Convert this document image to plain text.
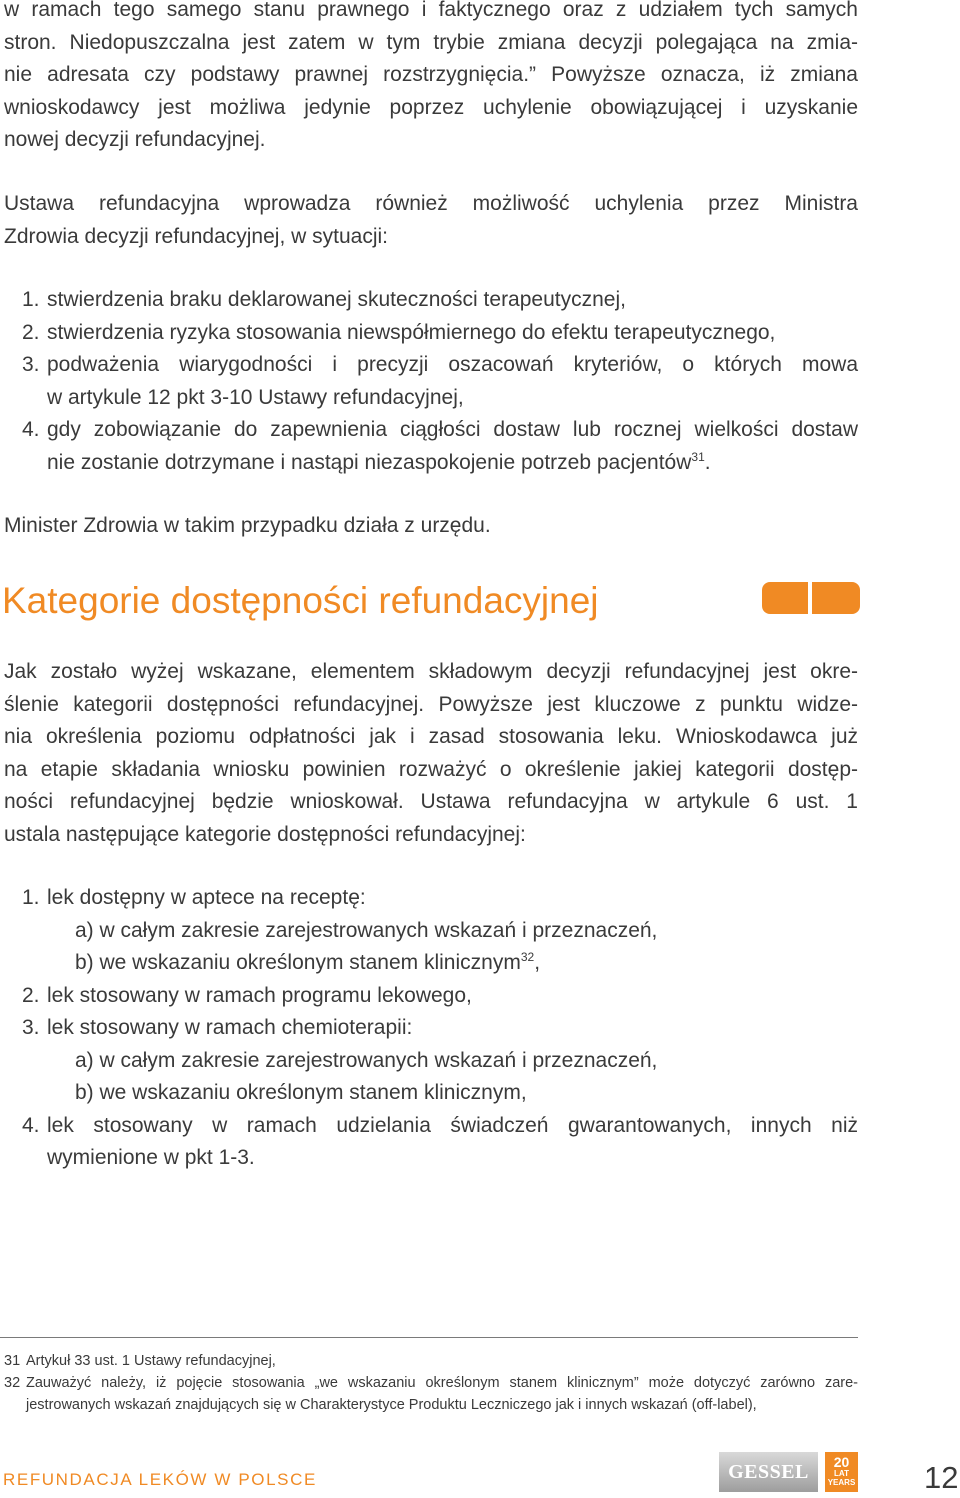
w ramach tego samego stanu prawnego i faktycznego oraz z udziałem tych samych
stron. Niedopuszczalna jest zatem w tym trybie zmiana decyzji polegająca na zmia-
nie adresata czy podstawy prawnej rozstrzygnięcia.” Powyższe oznacza, iż zmiana
wnioskodawcy jest możliwa jedynie poprzez uchylenie obowiązującej i uzyskanie
nowej decyzji refundacyjnej.
Ustawa refundacyjna wprowadza również możliwość uchylenia przez Ministra
Zdrowia decyzji refundacyjnej, w sytuacji:
1. stwierdzenia braku deklarowanej skuteczności terapeutycznej,
2. stwierdzenia ryzyka stosowania niewspółmiernego do efektu terapeutycznego,
3. podważenia wiarygodności i precyzji oszacowań kryteriów, o których mowa
w artykule 12 pkt 3-10 Ustawy refundacyjnej,
4. gdy zobowiązanie do zapewnienia ciągłości dostaw lub rocznej wielkości dostaw
nie zostanie dotrzymane i nastąpi niezaspokojenie potrzeb pacjentów$^{31}$.
Minister Zdrowia w takim przypadku działa z urzędu.
Kategorie dostępności refundacyjnej
Jak zostało wyżej wskazane, elementem składowym decyzji refundacyjnej jest okre-
ślenie kategorii dostępności refundacyjnej. Powyższe jest kluczowe z punktu widze-
nia określenia poziomu odpłatności jak i zasad stosowania leku. Wnioskodawca już
na etapie składania wniosku powinien rozważyć o określenie jakiej kategorii dostęp-
ności refundacyjnej będzie wnioskował. Ustawa refundacyjna w artykule 6 ust. 1
ustala następujące kategorie dostępności refundacyjnej:
1. lek dostępny w aptece na receptę:
a) w całym zakresie zarejestrowanych wskazań i przeznaczeń,
b) we wskazaniu określonym stanem klinicznym$^{32}$,
2. lek stosowany w ramach programu lekowego,
3. lek stosowany w ramach chemioterapii:
a) w całym zakresie zarejestrowanych wskazań i przeznaczeń,
b) we wskazaniu określonym stanem klinicznym,
4. lek stosowany w ramach udzielania świadczeń gwarantowanych, innych niż
wymienione w pkt 1-3.
31 Artykuł 33 ust. 1 Ustawy refundacyjnej,
32 Zauważyć należy, iż pojęcie stosowania „we wskazaniu określonym stanem klinicznym” może dotyczyć zarówno zare-
jestrowanych wskazań znajdujących się w Charakterystyce Produktu Leczniczego jak i innych wskazań (off-label),
REFUNDACJA LEKÓW W POLSCE	GESSEL	20
LAT
YEARS 12
